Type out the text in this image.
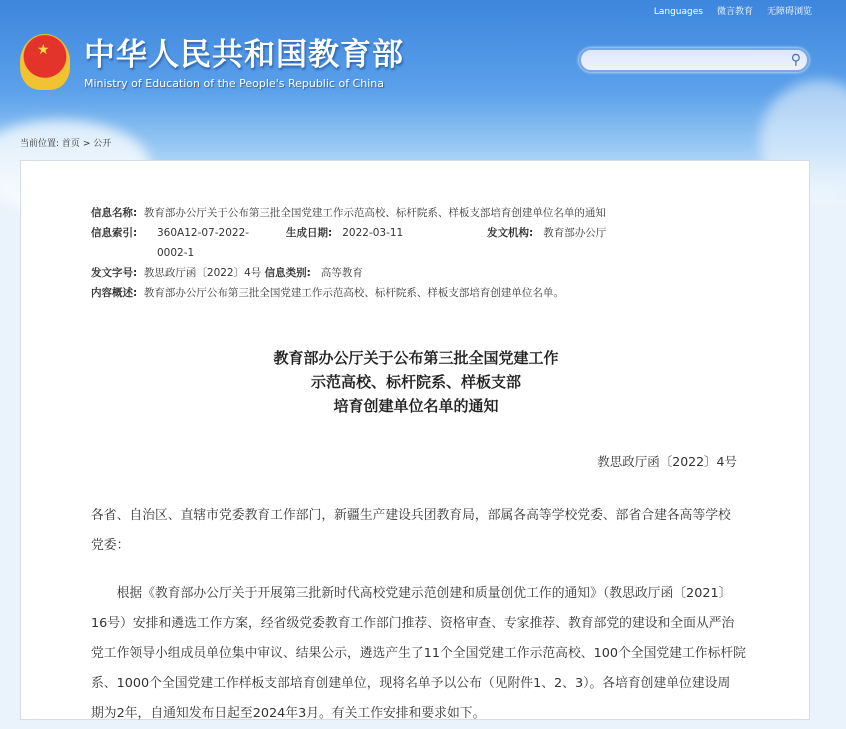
Languages 微言教育 无障碍浏览
★ 中华人民共和国教育部
Ministry of Education of the People's Republic of China
⚲
当前位置: 首页 > 公开
信息名称: 教育部办公厅关于公布第三批全国党建工作示范高校、标杆院系、样板支部培育创建单位名单的通知
信息索引: 360A12-07-2022-
0002-1
生成日期: 2022-03-11	发文机构: 教育部办公厅
发文字号: 教思政厅函〔2022〕4号 信息类别: 高等教育
内容概述: 教育部办公厅公布第三批全国党建工作示范高校、标杆院系、样板支部培育创建单位名单。
教育部办公厅关于公布第三批全国党建工作
示范高校、标杆院系、样板支部
培育创建单位名单的通知
教思政厅函〔2022〕4号
各省、自治区、直辖市党委教育工作部门，新疆生产建设兵团教育局，部属各高等学校党委、部省合建各高等学校
党委：
　　根据《教育部办公厅关于开展第三批新时代高校党建示范创建和质量创优工作的通知》（教思政厅函〔2021〕
16号）安排和遴选工作方案，经省级党委教育工作部门推荐、资格审查、专家推荐、教育部党的建设和全面从严治
党工作领导小组成员单位集中审议、结果公示，遴选产生了11个全国党建工作示范高校、100个全国党建工作标杆院
系、1000个全国党建工作样板支部培育创建单位，现将名单予以公布（见附件1、2、3）。各培育创建单位建设周
期为2年，自通知发布日起至2024年3月。有关工作安排和要求如下。
